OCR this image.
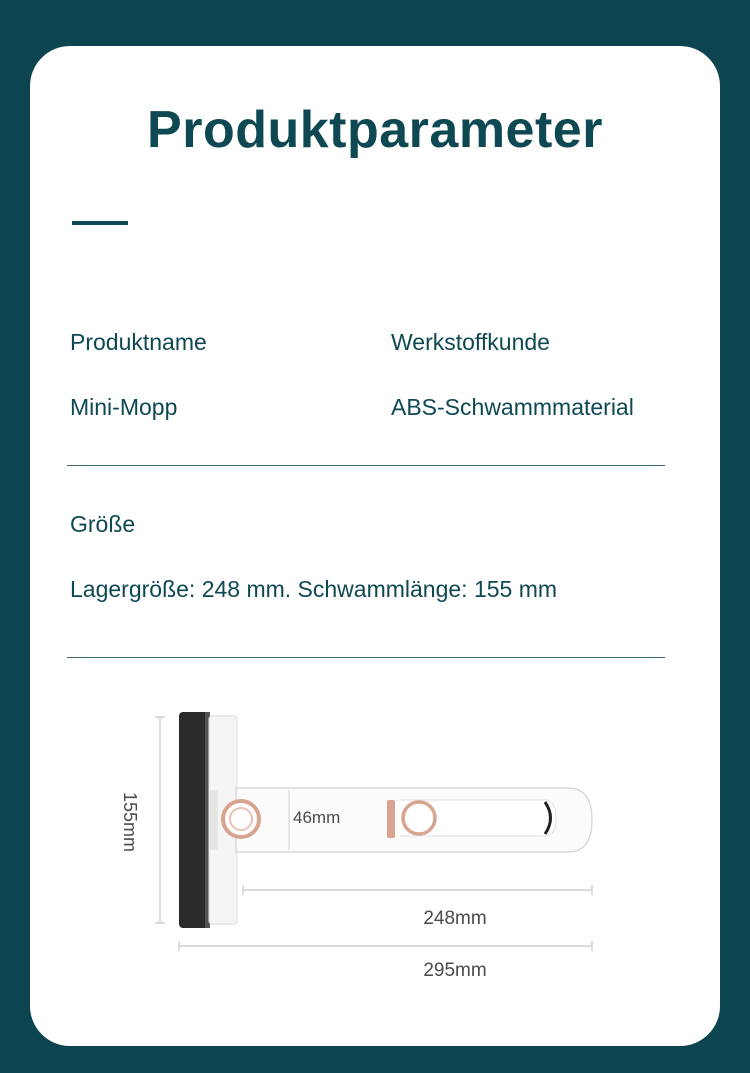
Produktparameter
Produktname	Werkstoffkunde
Mini-Mopp	ABS-Schwammmaterial
Größe
Lagergröße: 248 mm. Schwammlänge: 155 mm
155mm	46mm
248mm
295mm
